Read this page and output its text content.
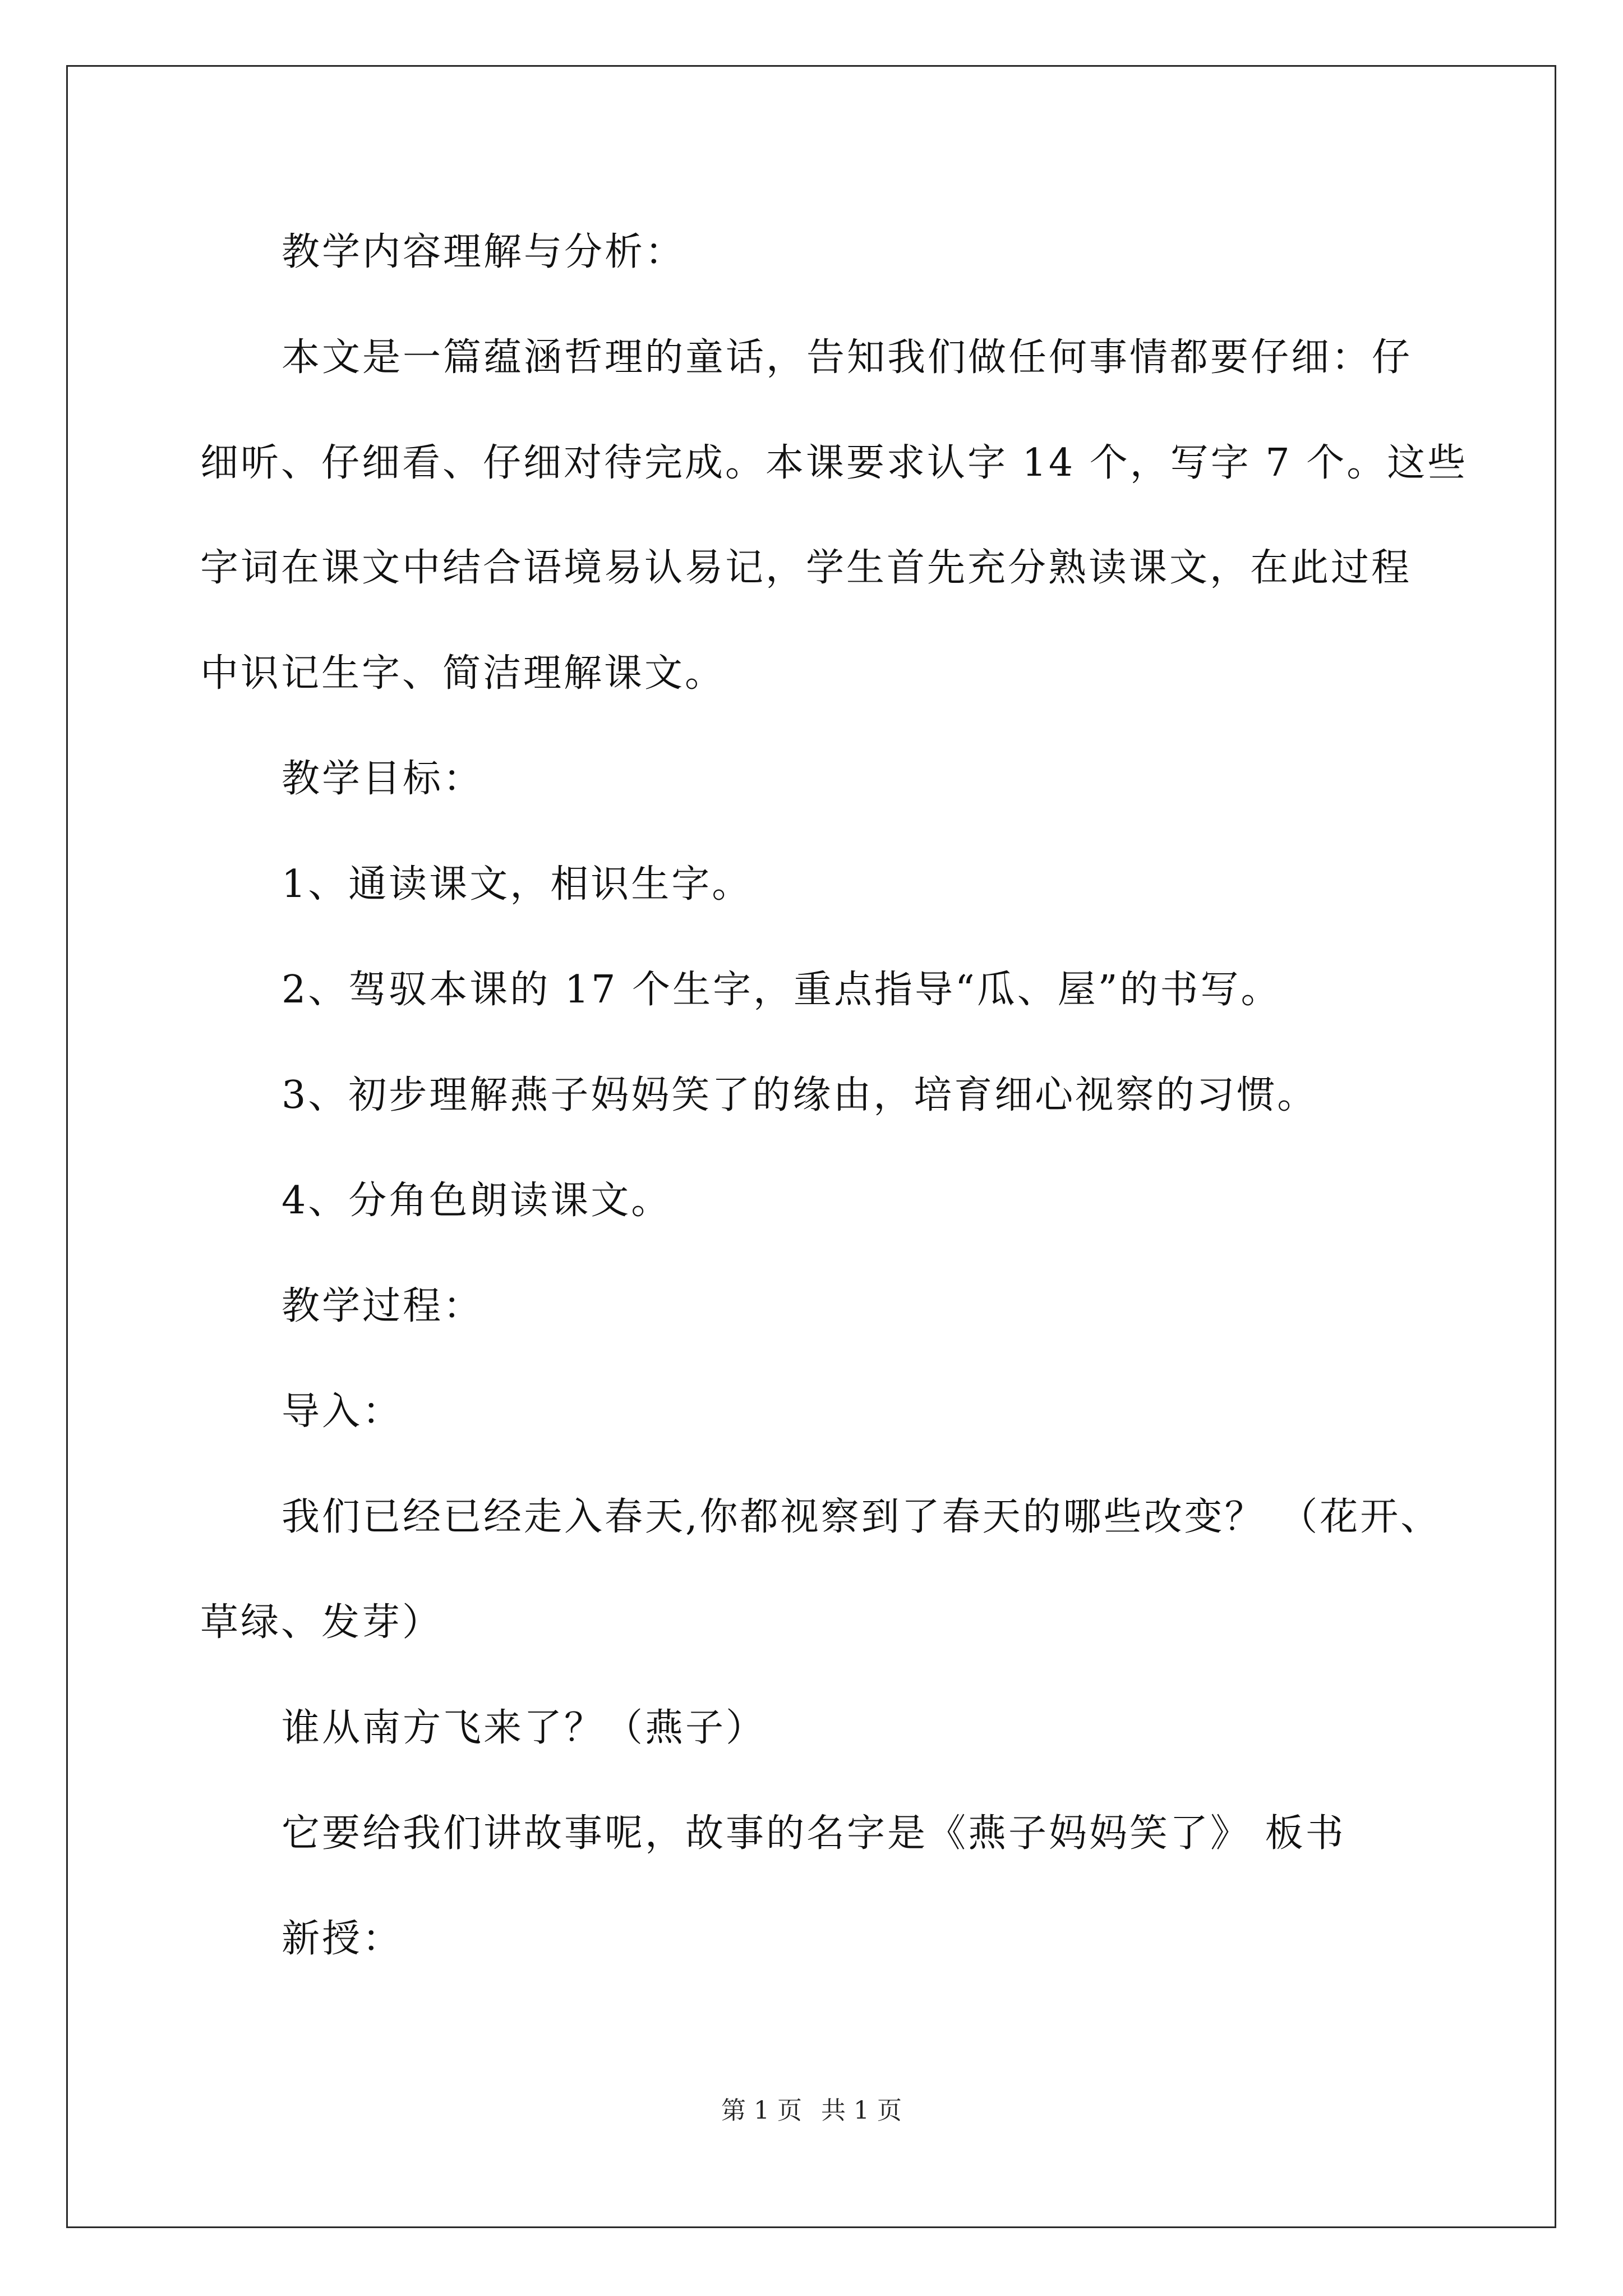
教学内容理解与分析：
本文是一篇蕴涵哲理的童话，告知我们做任何事情都要仔细：仔
细听、仔细看、仔细对待完成。本课要求认字 14 个，写字 7 个。这些
字词在课文中结合语境易认易记，学生首先充分熟读课文，在此过程
中识记生字、简洁理解课文。
教学目标：
1、通读课文，相识生字。
2、驾驭本课的 17 个生字，重点指导“瓜、屋”的书写。
3、初步理解燕子妈妈笑了的缘由，培育细心视察的习惯。
4、分角色朗读课文。
教学过程：
导入：
我们已经已经走入春天,你都视察到了春天的哪些改变？ （花开、
草绿、发芽）
谁从南方飞来了？（燕子）
它要给我们讲故事呢，故事的名字是《燕子妈妈笑了》 板书
新授：
第 1 页 共 1 页
